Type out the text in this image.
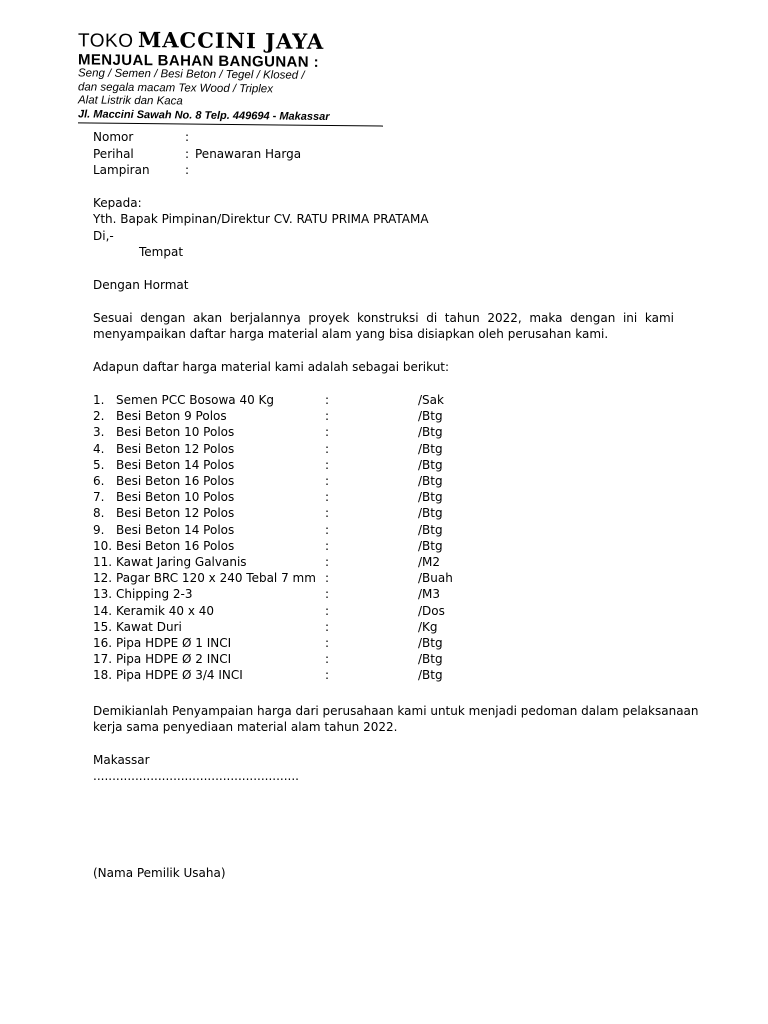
TOKO MACCINI JAYA
MENJUAL BAHAN BANGUNAN :
Seng / Semen / Besi Beton / Tegel / Klosed /
dan segala macam Tex Wood / Triplex
Alat Listrik dan Kaca
Jl. Maccini Sawah No. 8 Telp. 449694 - Makassar
Nomor	:
Perihal	: Penawaran Harga
Lampiran	:
Kepada:
Yth. Bapak Pimpinan/Direktur CV. RATU PRIMA PRATAMA
Di,-
Tempat
Dengan Hormat
Sesuai dengan akan berjalannya proyek konstruksi di tahun 2022, maka dengan ini kami
menyampaikan daftar harga material alam yang bisa disiapkan oleh perusahan kami.
Adapun daftar harga material kami adalah sebagai berikut:
1. Semen PCC Bosowa 40 Kg	:	/Sak
2. Besi Beton 9 Polos	:	/Btg
3. Besi Beton 10 Polos	:	/Btg
4. Besi Beton 12 Polos	:	/Btg
5. Besi Beton 14 Polos	:	/Btg
6. Besi Beton 16 Polos	:	/Btg
7. Besi Beton 10 Polos	:	/Btg
8. Besi Beton 12 Polos	:	/Btg
9. Besi Beton 14 Polos	:	/Btg
10. Besi Beton 16 Polos	:	/Btg
11. Kawat Jaring Galvanis	:	/M2
12. Pagar BRC 120 x 240 Tebal 7 mm :	/Buah
13. Chipping 2-3	:	/M3
14. Keramik 40 x 40	:	/Dos
15. Kawat Duri	:	/Kg
16. Pipa HDPE Ø 1 INCI	:	/Btg
17. Pipa HDPE Ø 2 INCI	:	/Btg
18. Pipa HDPE Ø 3/4 INCI	:	/Btg
Demikianlah Penyampaian harga dari perusahaan kami untuk menjadi pedoman dalam pelaksanaan
kerja sama penyediaan material alam tahun 2022.
Makassar
......................................................
(Nama Pemilik Usaha)
